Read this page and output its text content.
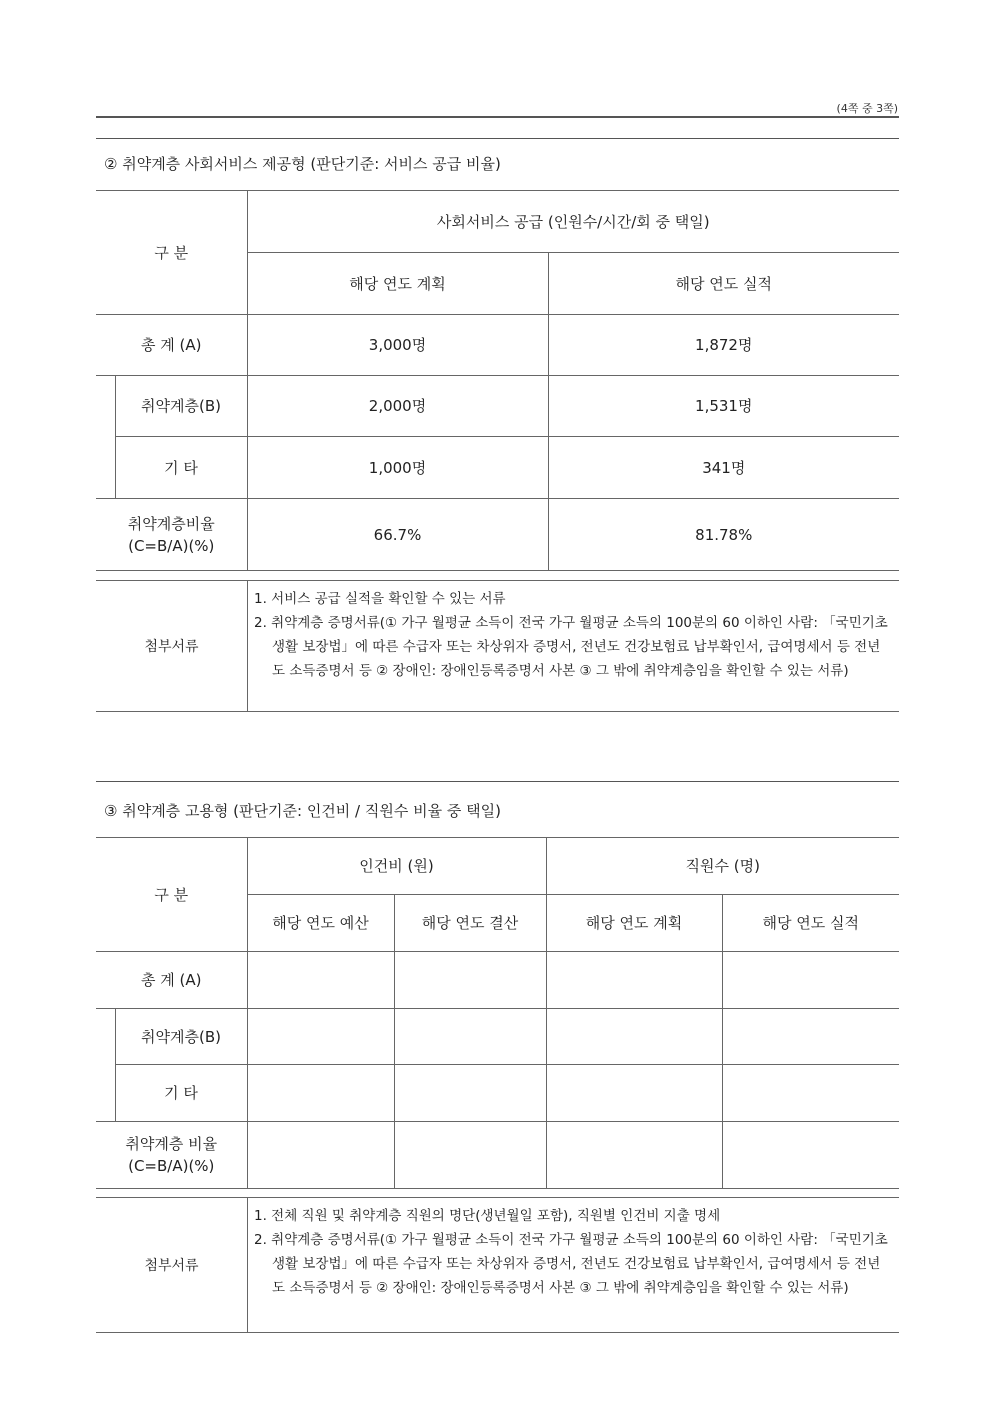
(4쪽 중 3쪽)
② 취약계층 사회서비스 제공형 (판단기준: 서비스 공급 비율)
구 분		사회서비스 공급 (인원수/시간/회 중 택일)	
		해당 연도 계획	해당 연도 실적
총 계 (A)		3,000명	1,872명
	취약계층(B)	2,000명	1,531명
	기 타	1,000명	341명
취약계층비율(C=B/A)(%)		66.7%	81.78%
첨부서류
1. 서비스 공급 실적을 확인할 수 있는 서류
2. 취약계층 증명서류(① 가구 월평균 소득이 전국 가구 월평균 소득의 100분의 60 이하인 사람: 「국민기초생활 보장법」에 따른 수급자 또는 차상위자 증명서, 전년도 건강보험료 납부확인서, 급여명세서 등 전년도 소득증명서 등 ② 장애인: 장애인등록증명서 사본 ③ 그 밖에 취약계층임을 확인할 수 있는 서류)
③ 취약계층 고용형 (판단기준: 인건비 / 직원수 비율 중 택일)
구 분		인건비 (원)		직원수 (명)	
		해당 연도 예산	해당 연도 결산	해당 연도 계획	해당 연도 실적
총 계 (A)					
	취약계층(B)				
	기 타				
취약계층 비율(C=B/A)(%)					
첨부서류
1. 전체 직원 및 취약계층 직원의 명단(생년월일 포함), 직원별 인건비 지출 명세
2. 취약계층 증명서류(① 가구 월평균 소득이 전국 가구 월평균 소득의 100분의 60 이하인 사람: 「국민기초생활 보장법」에 따른 수급자 또는 차상위자 증명서, 전년도 건강보험료 납부확인서, 급여명세서 등 전년도 소득증명서 등 ② 장애인: 장애인등록증명서 사본 ③ 그 밖에 취약계층임을 확인할 수 있는 서류)
